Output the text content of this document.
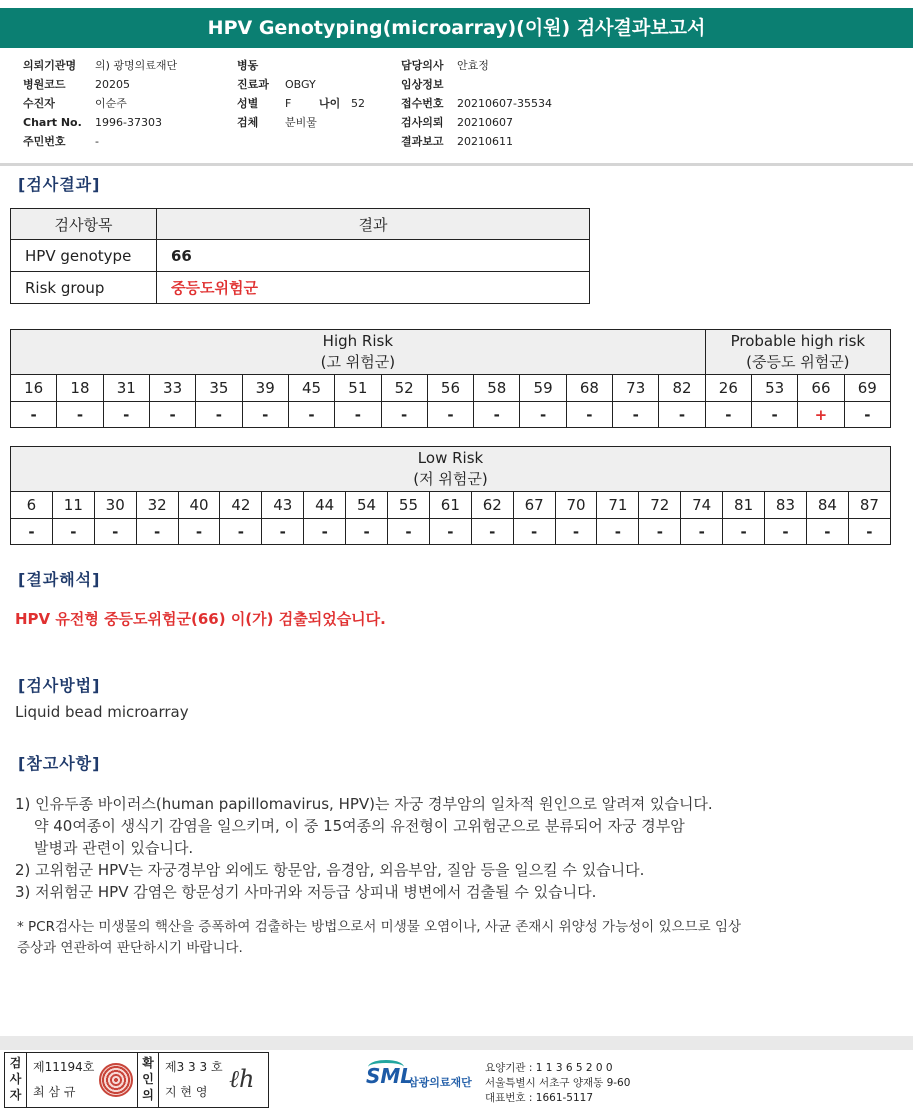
HPV Genotyping(microarray)(이원) 검사결과보고서
의뢰기관명 의) 광명의료재단
병원코드	20205
수진자	이순주
Chart No. 1996-37303
주민번호	-
병동
진료과 OBGY
성별 F	나이 52
검체 분비물
담당의사 안효정
임상정보
접수번호 20210607-35534
검사의뢰 20210607
결과보고 20210611
[검사결과]
검사항목	결과
HPV genotype	66
Risk group	중등도위험군
High Risk
(고 위험군)															Probable high risk
(중등도 위험군)			
16	18	31	33	35	39	45	51	52	56	58	59	68	73	82	26	53	66	69
-	-	-	-	-	-	-	-	-	-	-	-	-	-	-	-	-	+	-
Low Risk
(저 위험군)																				
6	11	30	32	40	42	43	44	54	55	61	62	67	70	71	72	74	81	83	84	87
-	-	-	-	-	-	-	-	-	-	-	-	-	-	-	-	-	-	-	-	-
[결과해석]
HPV 유전형 중등도위험군(66) 이(가) 검출되었습니다.
[검사방법]
Liquid bead microarray
[참고사항]
1) 인유두종 바이러스(human papillomavirus, HPV)는 자궁 경부암의 일차적 원인으로 알려져 있습니다.
약 40여종이 생식기 감염을 일으키며, 이 중 15여종의 유전형이 고위험군으로 분류되어 자궁 경부암
발병과 관련이 있습니다.
2) 고위험군 HPV는 자궁경부암 외에도 항문암, 음경암, 외음부암, 질암 등을 일으킬 수 있습니다.
3) 저위험군 HPV 감염은 항문성기 사마귀와 저등급 상피내 병변에서 검출될 수 있습니다.
* PCR검사는 미생물의 핵산을 증폭하여 검출하는 방법으로서 미생물 오염이나, 사균 존재시 위양성 가능성이 있으므로 임상
증상과 연관하여 판단하시기 바랍니다.
검사자
제11194호
최 삼 규
확인의
제3 3 3 호
지 현 영 ℓh	SML
삼광의료재단
요양기관 : 1 1 3 6 5 2 0 0
서울특별시 서초구 양재동 9-60
대표번호 : 1661-5117
